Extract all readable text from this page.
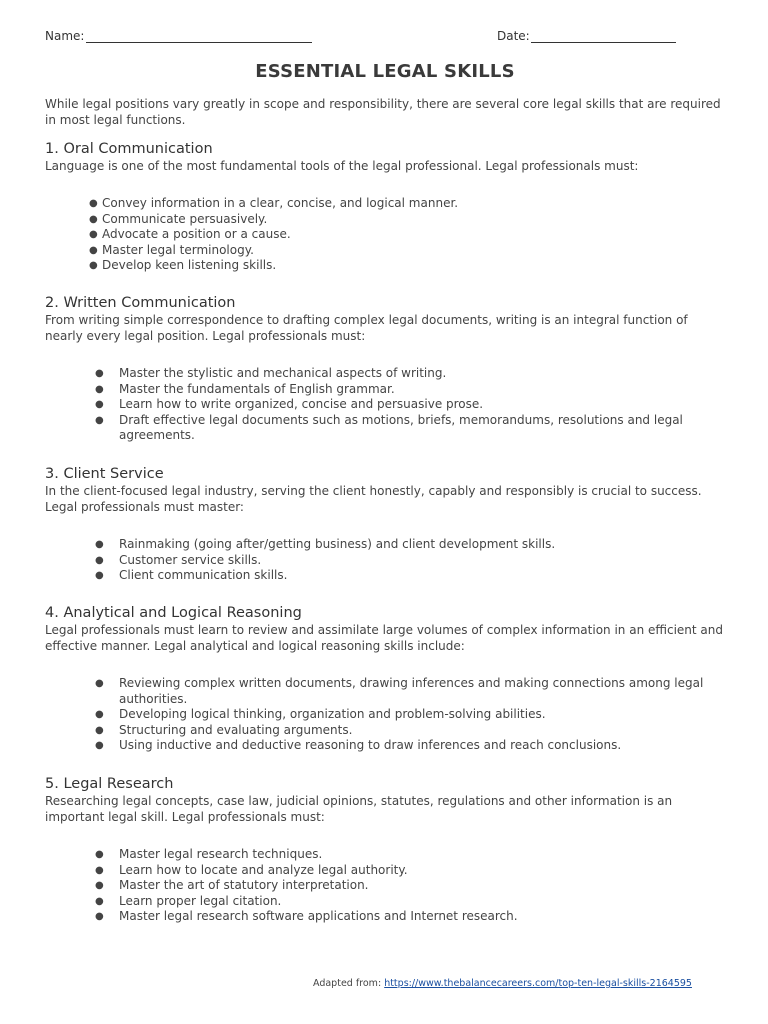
Name:	Date:
ESSENTIAL LEGAL SKILLS

While legal positions vary greatly in scope and responsibility, there are several core legal skills that are required in most legal functions.

1. Oral Communication

Language is one of the most fundamental tools of the legal professional. Legal professionals must:

● Convey information in a clear, concise, and logical manner.
● Communicate persuasively.
● Advocate a position or a cause.
● Master legal terminology.
● Develop keen listening skills.
2. Written Communication

From writing simple correspondence to drafting complex legal documents, writing is an integral function of nearly every legal position. Legal professionals must:

● Master the stylistic and mechanical aspects of writing.
● Master the fundamentals of English grammar.
● Learn how to write organized, concise and persuasive prose.
● Draft effective legal documents such as motions, briefs, memorandums, resolutions and legal agreements.
3. Client Service

In the client-focused legal industry, serving the client honestly, capably and responsibly is crucial to success. Legal professionals must master:

● Rainmaking (going after/getting business) and client development skills.
● Customer service skills.
● Client communication skills.
4. Analytical and Logical Reasoning

Legal professionals must learn to review and assimilate large volumes of complex information in an efficient and effective manner. Legal analytical and logical reasoning skills include:

● Reviewing complex written documents, drawing inferences and making connections among legal authorities.
● Developing logical thinking, organization and problem-solving abilities.
● Structuring and evaluating arguments.
● Using inductive and deductive reasoning to draw inferences and reach conclusions.
5. Legal Research

Researching legal concepts, case law, judicial opinions, statutes, regulations and other information is an important legal skill. Legal professionals must:

● Master legal research techniques.
● Learn how to locate and analyze legal authority.
● Master the art of statutory interpretation.
● Learn proper legal citation.
● Master legal research software applications and Internet research.
Adapted from: https://www.thebalancecareers.com/top-ten-legal-skills-2164595
